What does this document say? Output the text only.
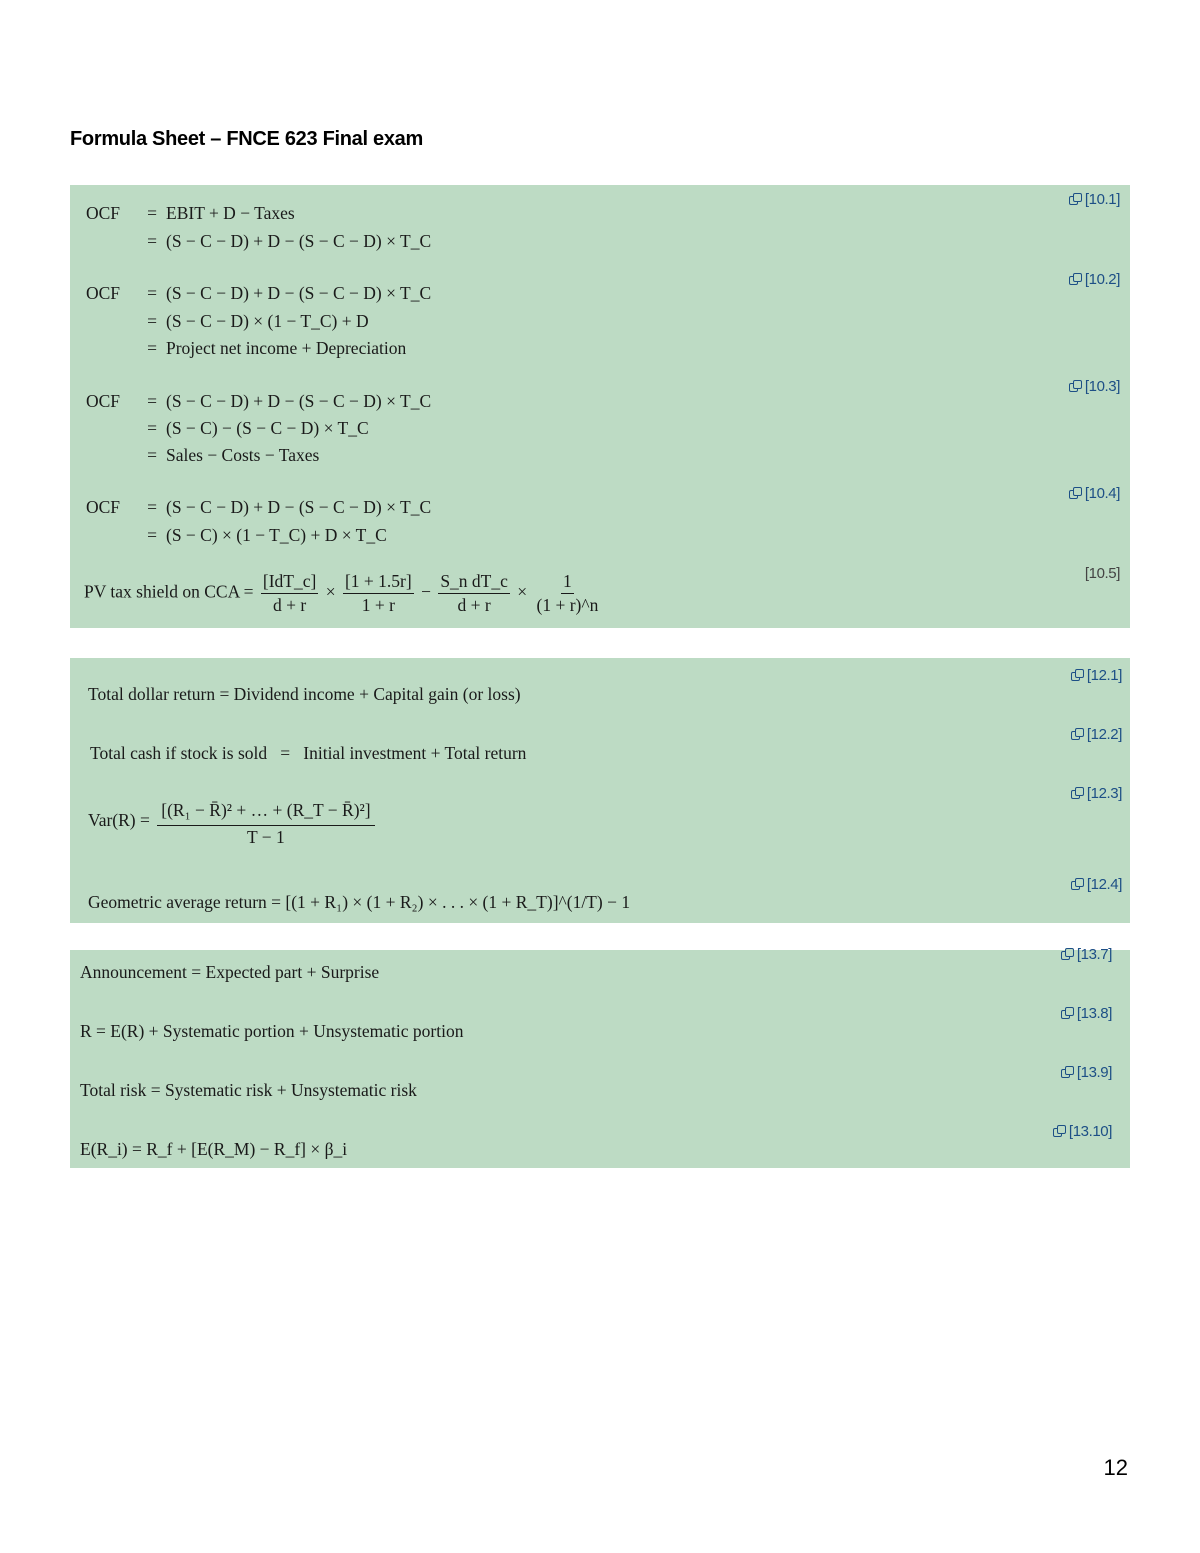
Formula Sheet – FNCE 623 Final exam
[10.1]
[10.2]
[10.3]
[10.4]
[10.5]
OCF = EBIT + D − Taxes
= (S − C − D) + D − (S − C − D) × T_C
OCF = (S − C − D) + D − (S − C − D) × T_C
= (S − C − D) × (1 − T_C) + D
= Project net income + Depreciation
OCF = (S − C − D) + D − (S − C − D) × T_C
= (S − C) − (S − C − D) × T_C
= Sales − Costs − Taxes
OCF = (S − C − D) + D − (S − C − D) × T_C
= (S − C) × (1 − T_C) + D × T_C
PV tax shield on CCA = $\frac{\text{[IdT\_c]}}{d + r} \times \frac{[1 + 1.5r]}{1 + r} - \frac{\text{S\_n dT\_c}}{d + r} \times \frac{1}{(1 + r)\^{}n}$
[12.1]
[12.2]
[12.3]
[12.4]
Total dollar return = Dividend income + Capital gain (or loss)
Total cash if stock is sold   =   Initial investment + Total return
$Var(R) = \frac{\text{[(R₁ − R̄)² + … + (R\_T − R̄)²]}}{T - 1}$
Geometric average return = [(1 + R₁) × (1 + R₂) × . . . × (1 + R_T)]^(1/T) − 1
[13.7]
[13.8]
[13.9]
[13.10]
Announcement = Expected part + Surprise
R = E(R) + Systematic portion + Unsystematic portion
Total risk = Systematic risk + Unsystematic risk
E(R_i) = R_f + [E(R_M) − R_f] × β_i
12
